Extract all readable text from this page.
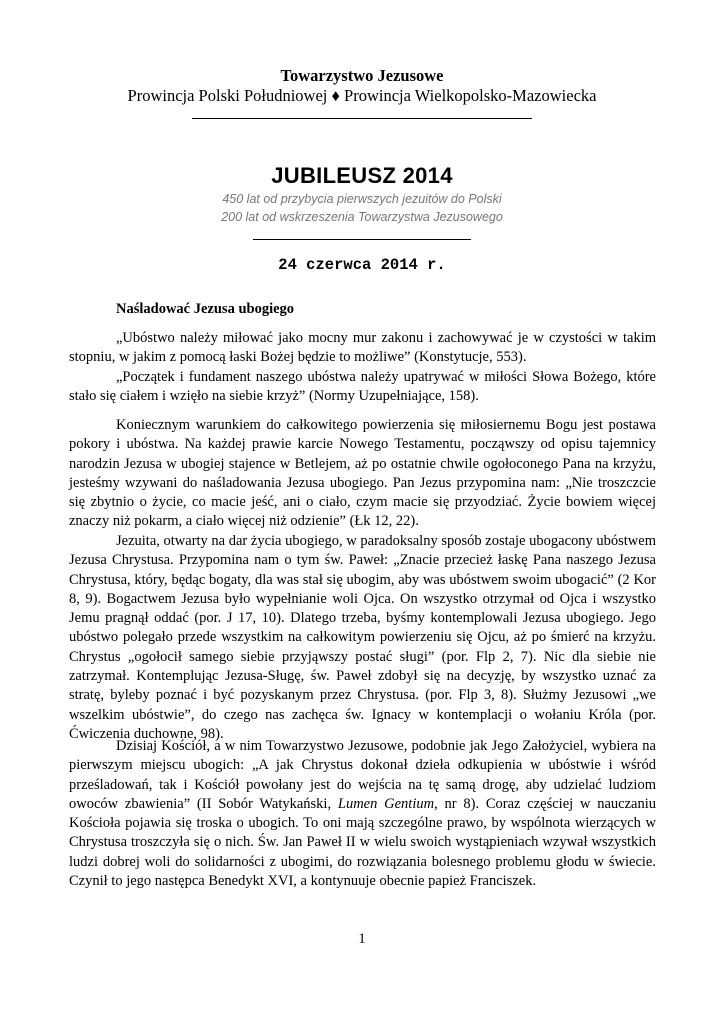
Towarzystwo Jezusowe
Prowincja Polski Południowej ♦ Prowincja Wielkopolsko-Mazowiecka
JUBILEUSZ 2014
450 lat od przybycia pierwszych jezuitów do Polski
200 lat od wskrzeszenia Towarzystwa Jezusowego
24 czerwca 2014 r.
Naśladować Jezusa ubogiego

„Ubóstwo należy miłować jako mocny mur zakonu i zachowywać je w czystości w takim stopniu, w jakim z pomocą łaski Bożej będzie to możliwe” (Konstytucje, 553).

„Początek i fundament naszego ubóstwa należy upatrywać w miłości Słowa Bożego, które stało się ciałem i wzięło na siebie krzyż” (Normy Uzupełniające, 158).

Koniecznym warunkiem do całkowitego powierzenia się miłosiernemu Bogu jest postawa pokory i ubóstwa. Na każdej prawie karcie Nowego Testamentu, począwszy od opisu tajemnicy narodzin Jezusa w ubogiej stajence w Betlejem, aż po ostatnie chwile ogołoconego Pana na krzyżu, jesteśmy wzywani do naśladowania Jezusa ubogiego. Pan Jezus przypomina nam: „Nie troszczcie się zbytnio o życie, co macie jeść, ani o ciało, czym macie się przyodziać. Życie bowiem więcej znaczy niż pokarm, a ciało więcej niż odzienie” (Łk 12, 22).

Jezuita, otwarty na dar życia ubogiego, w paradoksalny sposób zostaje ubogacony ubóstwem Jezusa Chrystusa. Przypomina nam o tym św. Paweł: „Znacie przecież łaskę Pana naszego Jezusa Chrystusa, który, będąc bogaty, dla was stał się ubogim, aby was ubóstwem swoim ubogacić” (2 Kor 8, 9). Bogactwem Jezusa było wypełnianie woli Ojca. On wszystko otrzymał od Ojca i wszystko Jemu pragnął oddać (por. J 17, 10). Dlatego trzeba, byśmy kontemplowali Jezusa ubogiego. Jego ubóstwo polegało przede wszystkim na całkowitym powierzeniu się Ojcu, aż po śmierć na krzyżu. Chrystus „ogołocił samego siebie przyjąwszy postać sługi” (por. Flp 2, 7). Nic dla siebie nie zatrzymał. Kontemplując Jezusa-Sługę, św. Paweł zdobył się na decyzję, by wszystko uznać za stratę, byleby poznać i być pozyskanym przez Chrystusa. (por. Flp 3, 8). Służmy Jezusowi „we wszelkim ubóstwie”, do czego nas zachęca św. Ignacy w kontemplacji o wołaniu Króla (por. Ćwiczenia duchowne, 98).

Dzisiaj Kościół, a w nim Towarzystwo Jezusowe, podobnie jak Jego Założyciel, wybiera na pierwszym miejscu ubogich: „A jak Chrystus dokonał dzieła odkupienia w ubóstwie i wśród prześladowań, tak i Kościół powołany jest do wejścia na tę samą drogę, aby udzielać ludziom owoców zbawienia” (II Sobór Watykański, Lumen Gentium, nr 8). Coraz częściej w nauczaniu Kościoła pojawia się troska o ubogich. To oni mają szczególne prawo, by wspólnota wierzących w Chrystusa troszczyła się o nich. Św. Jan Paweł II w wielu swoich wystąpieniach wzywał wszystkich ludzi dobrej woli do solidarności z ubogimi, do rozwiązania bolesnego problemu głodu w świecie. Czynił to jego następca Benedykt XVI, a kontynuuje obecnie papież Franciszek.

1
